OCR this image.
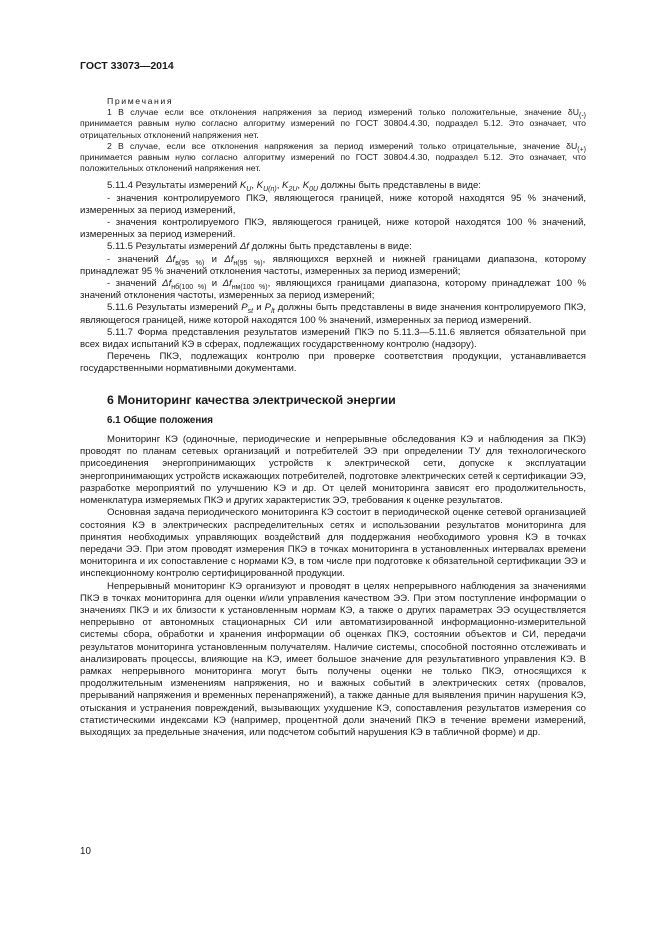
ГОСТ 33073—2014
Примечания

1 В случае если все отклонения напряжения за период измерений только положительные, значение $\delta U_{(-)}$ принимается равным нулю согласно алгоритму измерений по ГОСТ 30804.4.30, подраздел 5.12. Это означает, что отрицательных отклонений напряжения нет.

2 В случае, если все отклонения напряжения за период измерений только отрицательные, значение $\delta U_{(+)}$ принимается равным нулю согласно алгоритму измерений по ГОСТ 30804.4.30, подраздел 5.12. Это означает, что положительных отклонений напряжения нет.

5.11.4 Результаты измерений $K_U$, $K_{U(n)}$, $K_{2U}$, $K_{0U}$ должны быть представлены в виде:

- значения контролируемого ПКЭ, являющегося границей, ниже которой находятся 95 % значений, измеренных за период измерений,

- значения контролируемого ПКЭ, являющегося границей, ниже которой находятся 100 % значений, измеренных за период измерений.

5.11.5 Результаты измерений Δf должны быть представлены в виде:

- значений $\Delta f_{в(95 \%)}$ и $\Delta f_{н(95 \%)}$, являющихся верхней и нижней границами диапазона, которому принадлежат 95 % значений отклонения частоты, измеренных за период измерений;

- значений $\Delta f_{нб(100 \%)}$ и $\Delta f_{нм(100 \%)}$, являющихся границами диапазона, которому принадлежат 100 % значений отклонения частоты, измеренных за период измерений;

5.11.6 Результаты измерений $P_{st}$ и $P_{lt}$ должны быть представлены в виде значения контролируемого ПКЭ, являющегося границей, ниже которой находятся 100 % значений, измеренных за период измерений.

5.11.7 Форма представления результатов измерений ПКЭ по 5.11.3—5.11.6 является обязательной при всех видах испытаний КЭ в сферах, подлежащих государственному контролю (надзору).

Перечень ПКЭ, подлежащих контролю при проверке соответствия продукции, устанавливается государственными нормативными документами.

6 Мониторинг качества электрической энергии
6.1 Общие положения

Мониторинг КЭ (одиночные, периодические и непрерывные обследования КЭ и наблюдения за ПКЭ) проводят по планам сетевых организаций и потребителей ЭЭ при определении ТУ для технологического присоединения энергопринимающих устройств к электрической сети, допуске к эксплуатации энергопринимающих устройств искажающих потребителей, подготовке электрических сетей к сертификации ЭЭ, разработке мероприятий по улучшению КЭ и др. От целей мониторинга зависят его продолжительность, номенклатура измеряемых ПКЭ и других характеристик ЭЭ, требования к оценке результатов.

Основная задача периодического мониторинга КЭ состоит в периодической оценке сетевой организацией состояния КЭ в электрических распределительных сетях и использовании результатов мониторинга для принятия необходимых управляющих воздействий для поддержания необходимого уровня КЭ в точках передачи ЭЭ. При этом проводят измерения ПКЭ в точках мониторинга в установленных интервалах времени мониторинга и их сопоставление с нормами КЭ, в том числе при подготовке к обязательной сертификации ЭЭ и инспекционному контролю сертифицированной продукции.

Непрерывный мониторинг КЭ организуют и проводят в целях непрерывного наблюдения за значениями ПКЭ в точках мониторинга для оценки и/или управления качеством ЭЭ. При этом поступление информации о значениях ПКЭ и их близости к установленным нормам КЭ, а также о других параметрах ЭЭ осуществляется непрерывно от автономных стационарных СИ или автоматизированной информационно-измерительной системы сбора, обработки и хранения информации об оценках ПКЭ, состоянии объектов и СИ, передачи результатов мониторинга установленным получателям. Наличие системы, способной постоянно отслеживать и анализировать процессы, влияющие на КЭ, имеет большое значение для результативного управления КЭ. В рамках непрерывного мониторинга могут быть получены оценки не только ПКЭ, относящихся к продолжительным изменениям напряжения, но и важных событий в электрических сетях (провалов, прерываний напряжения и временных перенапряжений), а также данные для выявления причин нарушения КЭ, отыскания и устранения повреждений, вызывающих ухудшение КЭ, сопоставления результатов измерения со статистическими индексами КЭ (например, процентной доли значений ПКЭ в течение времени измерений, выходящих за предельные значения, или подсчетом событий нарушения КЭ в табличной форме) и др.

10
